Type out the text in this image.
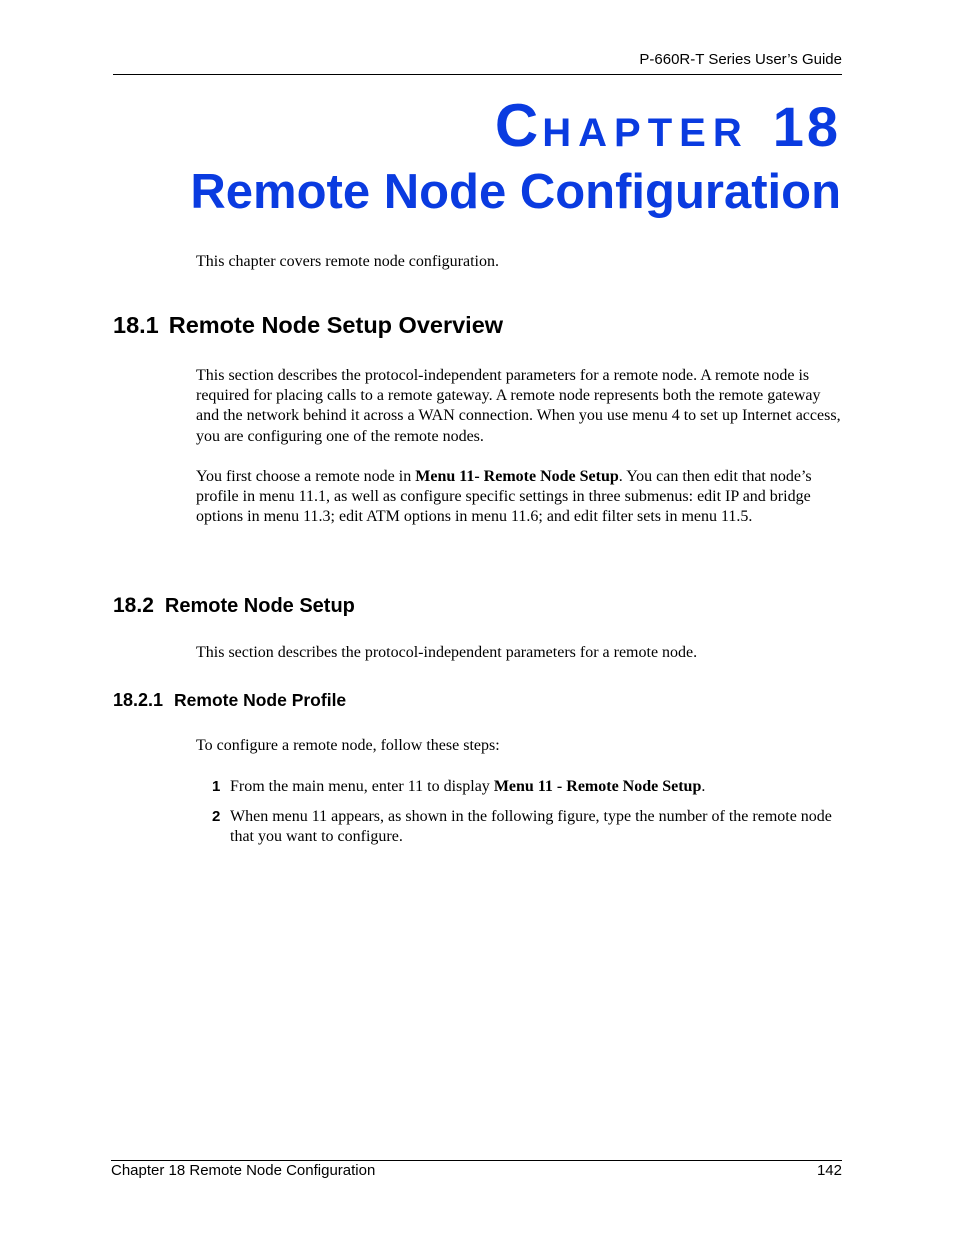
P-660R-T Series User’s Guide
CHAPTER 18
Remote Node Configuration

This chapter covers remote node configuration.

18.1 Remote Node Setup Overview

This section describes the protocol-independent parameters for a remote node. A remote node is required for placing calls to a remote gateway. A remote node represents both the remote gateway and the network behind it across a WAN connection. When you use menu 4 to set up Internet access, you are configuring one of the remote nodes.

You first choose a remote node in Menu 11- Remote Node Setup. You can then edit that node’s profile in menu 11.1, as well as configure specific settings in three submenus: edit IP and bridge options in menu 11.3; edit ATM options in menu 11.6; and edit filter sets in menu 11.5.

18.2 Remote Node Setup

This section describes the protocol-independent parameters for a remote node.

18.2.1 Remote Node Profile

To configure a remote node, follow these steps:

1 From the main menu, enter 11 to display Menu 11 - Remote Node Setup.
2 When menu 11 appears, as shown in the following figure, type the number of the remote node that you want to configure.
Chapter 18 Remote Node Configuration	142
